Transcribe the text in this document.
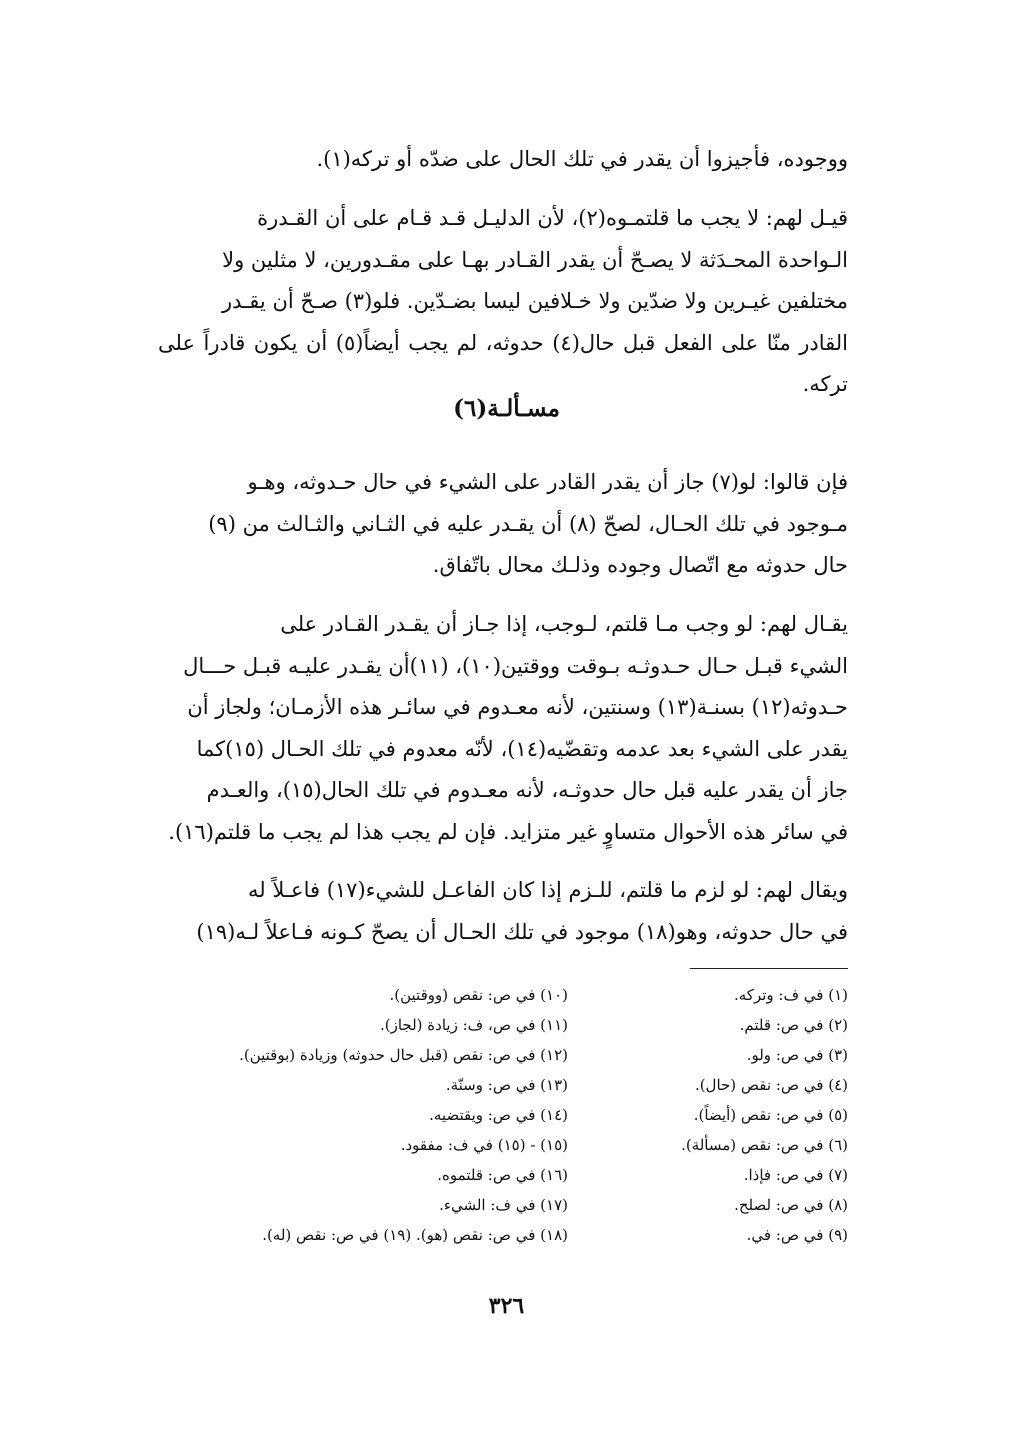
ووجوده، فأجيزوا أن يقدر في تلك الحال على ضدّه أو تركه(١).
قيـل لهم: لا يجب ما قلتمـوه(٢)، لأن الدليـل قـد قـام على أن القـدرة
الـواحدة المحـدَثة لا يصـحّ أن يقدر القـادر بهـا على مقـدورين، لا مثلين ولا
مختلفين غيـرين ولا ضدّين ولا خـلافين ليسا بضـدّين. فلو(٣) صـحّ أن يقـدر
القادر منّا على الفعل قبل حال(٤) حدوثه، لم يجب أيضاً(٥) أن يكون قادراً على تركه.
مسـألـة(٦)
فإن قالوا: لو(٧) جاز أن يقدر القادر على الشيء في حال حـدوثه، وهـو
مـوجود في تلك الحـال، لصحّ (٨) أن يقـدر عليه في الثـاني والثـالث من (٩)
حال حدوثه مع اتّصال وجوده وذلـك محال باتّفاق.
يقـال لهم: لو وجب مـا قلتم، لـوجب، إذا جـاز أن يقـدر القـادر على
الشيء قبـل حـال حـدوثـه بـوقت ووقتين(١٠)، (١١)أن يقـدر عليـه قبـل حـــال
حـدوثه(١٢) بسنـة(١٣) وسنتين، لأنه معـدوم في سائـر هذه الأزمـان؛ ولجاز أن
يقدر على الشيء بعد عدمه وتقضّيه(١٤)، لأنّه معدوم في تلك الحـال (١٥)كما
جاز أن يقدر عليه قبل حال حدوثـه، لأنه معـدوم في تلك الحال(١٥)، والعـدم
في سائر هذه الأحوال متساوٍ غير متزايد. فإن لم يجب هذا لم يجب ما قلتم(١٦).
ويقال لهم: لو لزم ما قلتم، للـزم إذا كان الفاعـل للشيء(١٧) فاعـلاً له
في حال حدوثه، وهو(١٨) موجود في تلك الحـال أن يصحّ كـونه فـاعلاً لـه(١٩)
(١) في ف: وتركه.
(٢) في ص: قلتم.
(٣) في ص: ولو.
(٤) في ص: نقص (حال).
(٥) في ص: نقص (أيضاً).
(٦) في ص: نقص (مسألة).
(٧) في ص: فإذا.
(٨) في ص: لصلح.
(٩) في ص: في.
(١٠) في ص: نقص (ووقتين).
(١١) في ص، ف: زيادة (لجاز).
(١٢) في ص: نقص (قبل حال حدوثه) وزيادة (بوقتين).
(١٣) في ص: وسنّة.
(١٤) في ص: ويقتضيه.
(١٥) - (١٥) في ف: مفقود.
(١٦) في ص: قلتموه.
(١٧) في ف: الشيء.
(١٨) في ص: نقص (هو). (١٩) في ص: نقص (له).
٣٢٦
